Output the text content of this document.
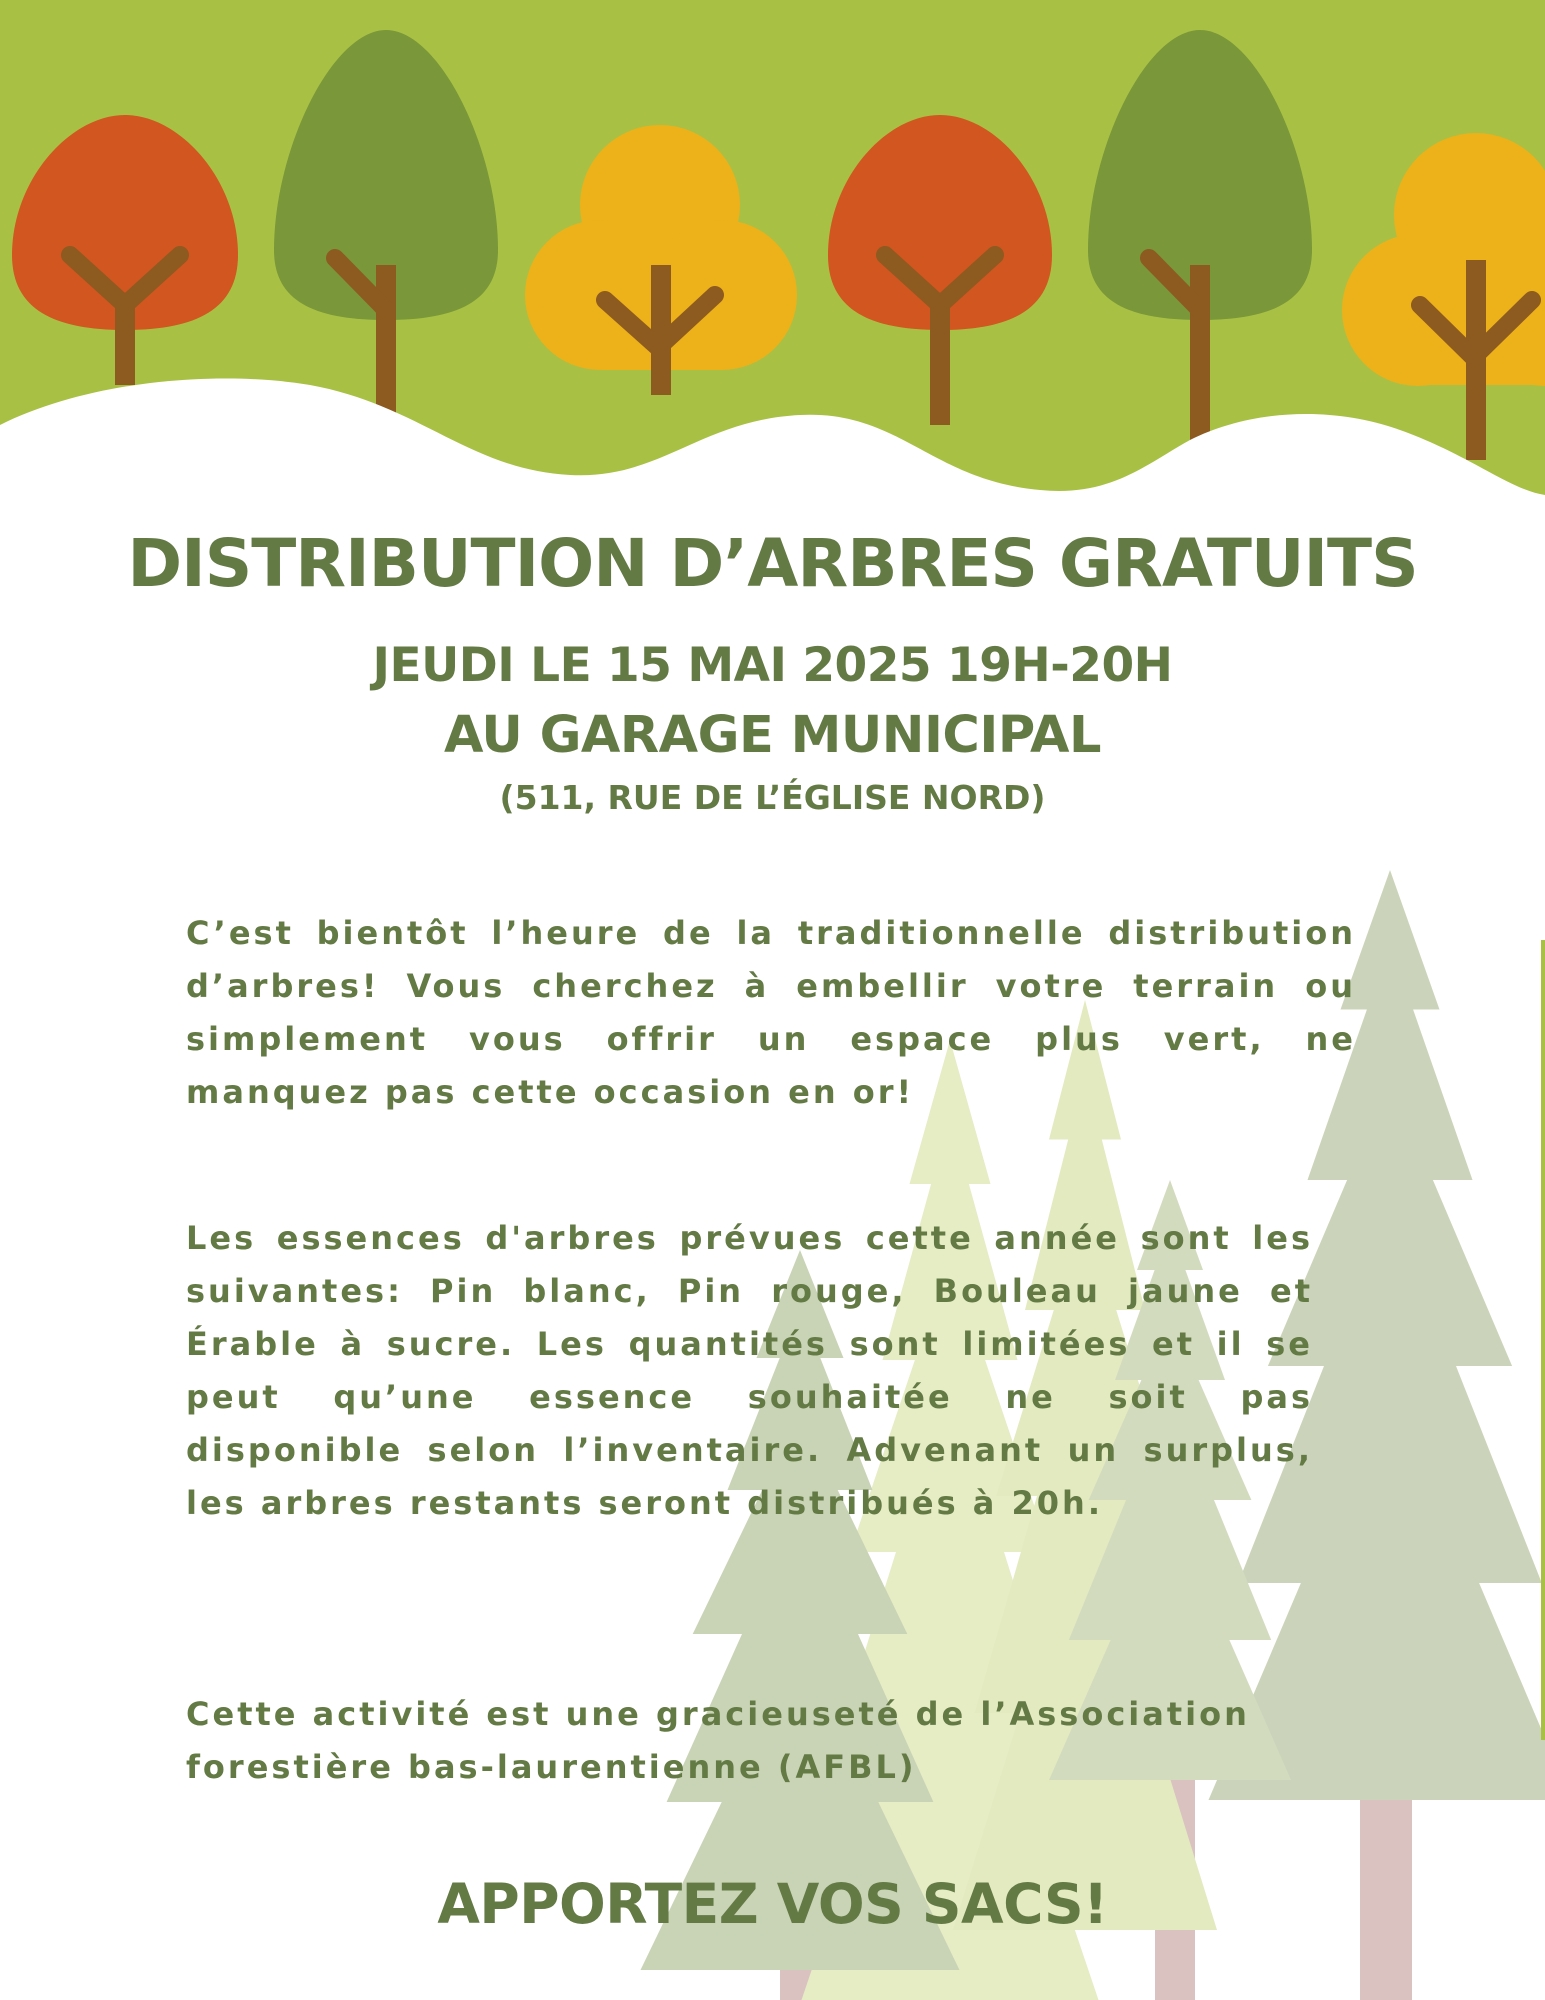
DISTRIBUTION D’ARBRES GRATUITS
JEUDI LE 15 MAI 2025 19H-20H
AU GARAGE MUNICIPAL
(511, RUE DE L’ÉGLISE NORD)

C’est bientôt l’heure de la traditionnelle distribution d’arbres! Vous cherchez à embellir votre terrain ou simplement vous offrir un espace plus vert, ne manquez pas cette occasion en or!

Les essences d'arbres prévues cette année sont les suivantes: Pin blanc, Pin rouge, Bouleau jaune et Érable à sucre. Les quantités sont limitées et il se peut qu’une essence souhaitée ne soit pas disponible selon l’inventaire. Advenant un surplus, les arbres restants seront distribués à 20h.

Cette activité est une gracieuseté de l’Association forestière bas-laurentienne (AFBL)

APPORTEZ VOS SACS!
